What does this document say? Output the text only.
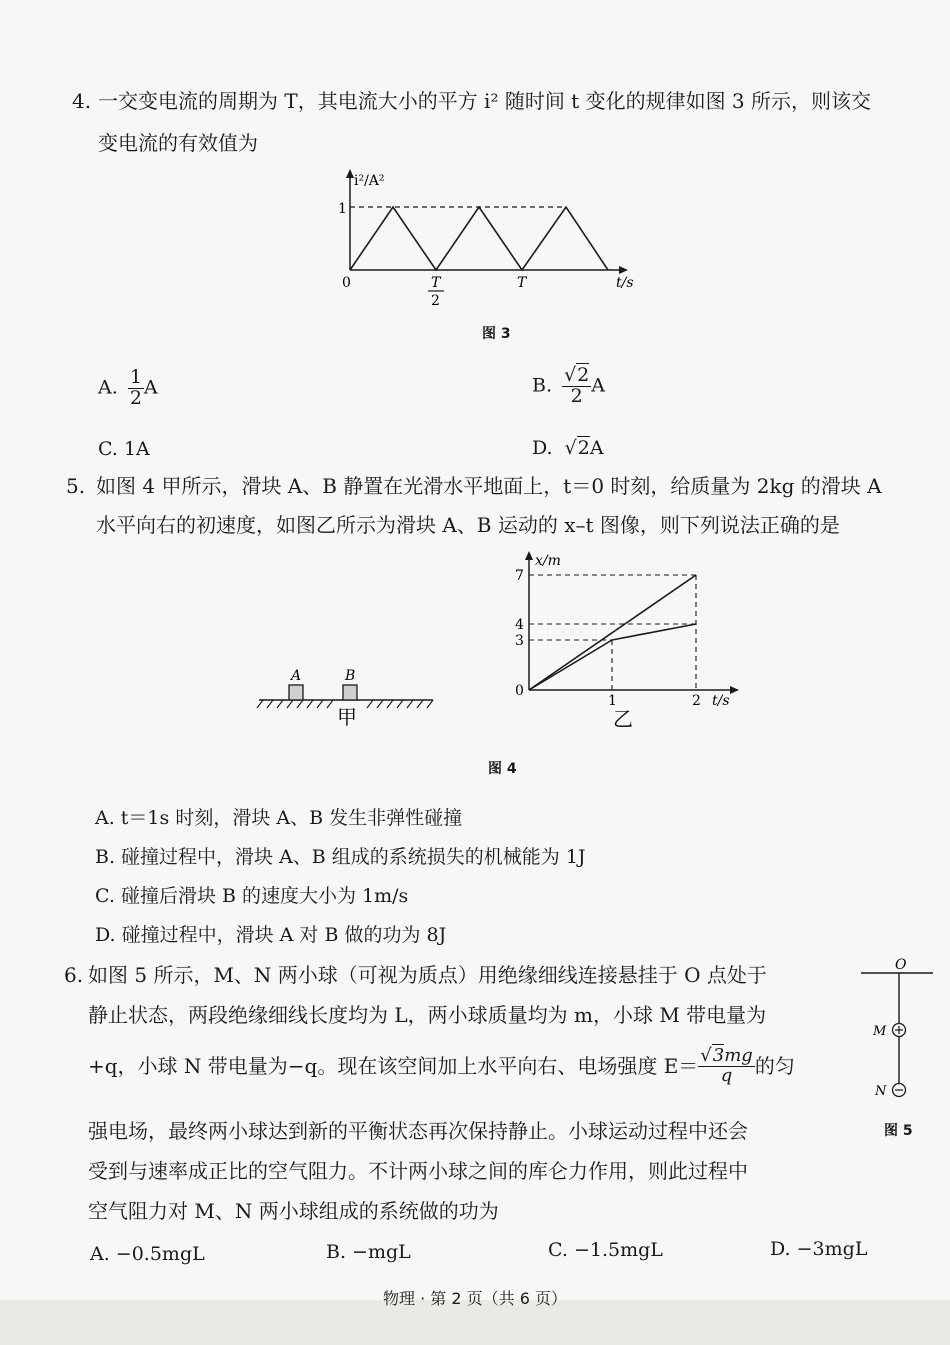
4. 一交变电流的周期为 T，其电流大小的平方 i² 随时间 t 变化的规律如图 3 所示，则该交
变电流的有效值为
i²/A²
1
0	T
2
T	t/s
图 3
A. $\frac{1}{2}$ A	B. $\frac{√2}{2}$ A
C. 1A	D. √2A
5. 如图 4 甲所示，滑块 A、B 静置在光滑水平地面上，t＝0 时刻，给质量为 2kg 的滑块 A
水平向右的初速度，如图乙所示为滑块 A、B 运动的 x–t 图像，则下列说法正确的是
A	B
甲
x/m
7
4
3
0
1	2 t/s
乙
图 4
A. t＝1s 时刻，滑块 A、B 发生非弹性碰撞
B. 碰撞过程中，滑块 A、B 组成的系统损失的机械能为 1J
C. 碰撞后滑块 B 的速度大小为 1m/s
D. 碰撞过程中，滑块 A 对 B 做的功为 8J
6. 如图 5 所示，M、N 两小球（可视为质点）用绝缘细线连接悬挂于 O 点处于
静止状态，两段绝缘细线长度均为 L，两小球质量均为 m，小球 M 带电量为
+q，小球 N 带电量为−q。现在该空间加上水平向右、电场强度 $E= \frac{√3mg}{q}$ 的匀
强电场，最终两小球达到新的平衡状态再次保持静止。小球运动过程中还会
受到与速率成正比的空气阻力。不计两小球之间的库仑力作用，则此过程中
空气阻力对 M、N 两小球组成的系统做的功为
O
M
N
图 5
A. −0.5mgL	B. −mgL	C. −1.5mgL	D. −3mgL
物理 · 第 2 页（共 6 页）
